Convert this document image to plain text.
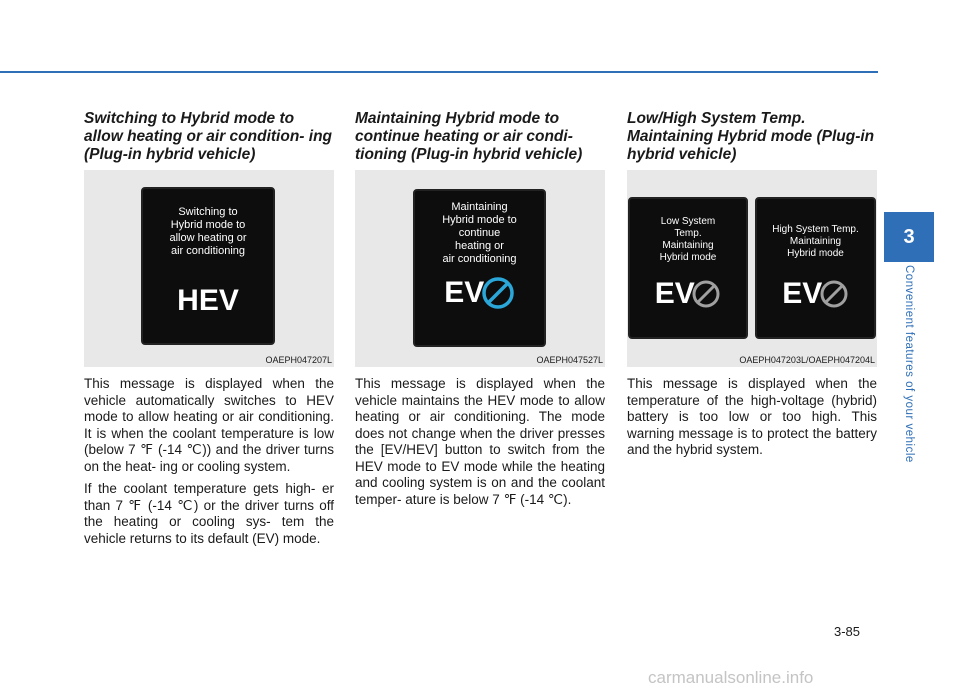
Switching to Hybrid mode to allow heating or air condition- ing (Plug-in hybrid vehicle)
Switching to
Hybrid mode to
allow heating or
air conditioning
HEV
OAEPH047207L

This message is displayed when the vehicle automatically switches to HEV mode to allow heating or air conditioning. It is when the coolant temperature is low (below 7 ℉ (-14 ℃)) and the driver turns on the heat- ing or cooling system.

If the coolant temperature gets high- er than 7 ℉ (-14 ℃) or the driver turns off the heating or cooling sys- tem the vehicle returns to its default (EV) mode.

Maintaining Hybrid mode to continue heating or air condi- tioning (Plug-in hybrid vehicle)
Maintaining
Hybrid mode to
continue
heating or
air conditioning
EV
OAEPH047527L

This message is displayed when the vehicle maintains the HEV mode to allow heating or air conditioning. The mode does not change when the driver presses the [EV/HEV] button to switch from the HEV mode to EV mode while the heating and cooling system is on and the coolant temper- ature is below 7 ℉ (-14 ℃).

Low/High System Temp. Maintaining Hybrid mode (Plug-in hybrid vehicle)
Low System
Temp.
Maintaining
Hybrid mode
EV
High System Temp.
Maintaining
Hybrid mode
EV
OAEPH047203L/OAEPH047204L

This message is displayed when the temperature of the high-voltage (hybrid) battery is too low or too high. This warning message is to protect the battery and the hybrid system.

3
Convenient features of your vehicle
3-85
carmanualsonline.info
